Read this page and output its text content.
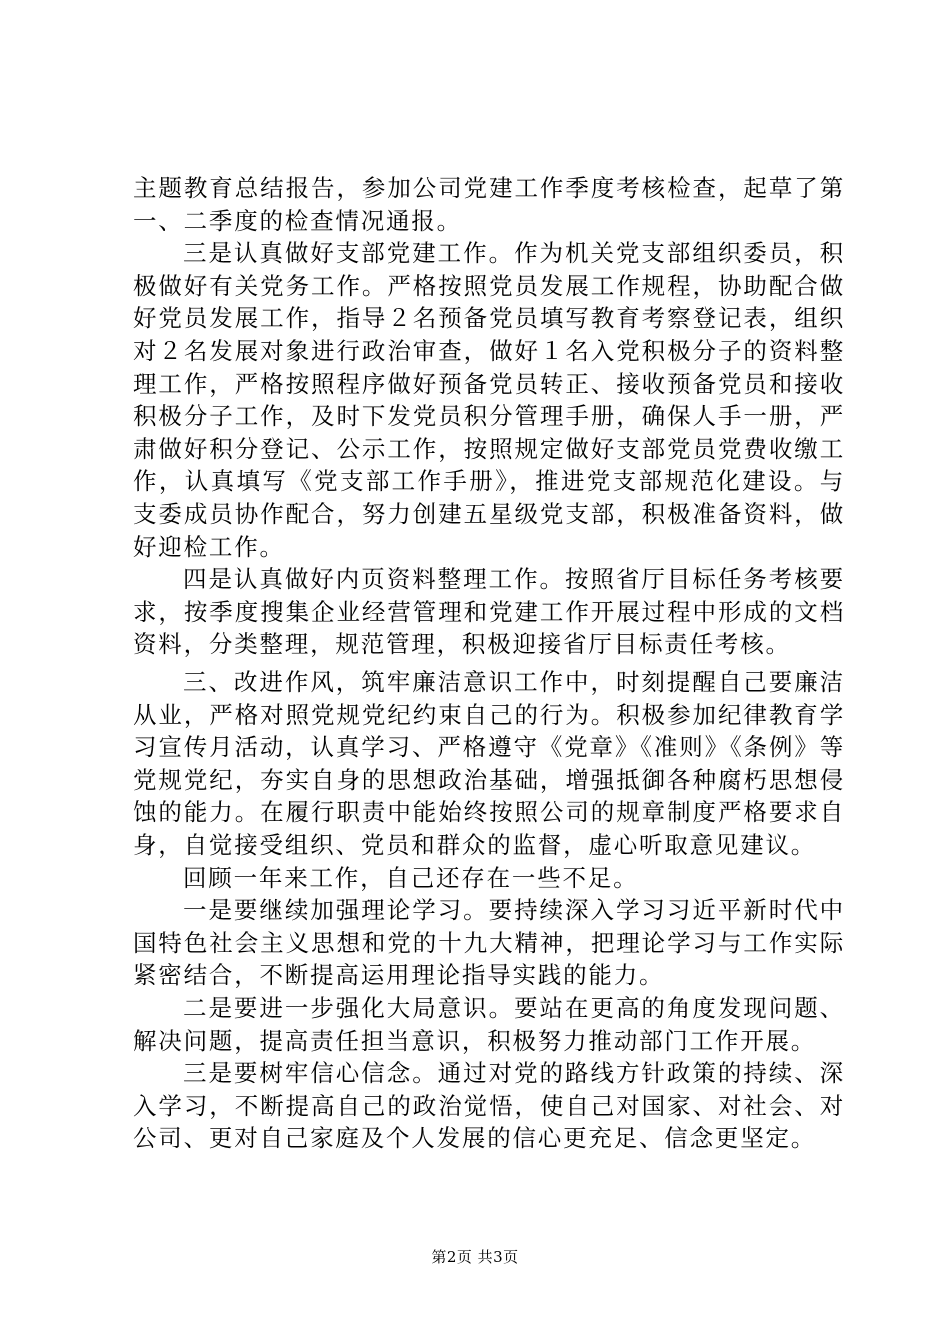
主题教育总结报告，参加公司党建工作季度考核检查，起草了第一、二季度的检查情况通报。

三是认真做好支部党建工作。作为机关党支部组织委员，积极做好有关党务工作。严格按照党员发展工作规程，协助配合做好党员发展工作，指导２名预备党员填写教育考察登记表，组织对２名发展对象进行政治审查，做好１名入党积极分子的资料整理工作，严格按照程序做好预备党员转正、接收预备党员和接收积极分子工作，及时下发党员积分管理手册，确保人手一册，严肃做好积分登记、公示工作，按照规定做好支部党员党费收缴工作，认真填写《党支部工作手册》，推进党支部规范化建设。与支委成员协作配合，努力创建五星级党支部，积极准备资料，做好迎检工作。

四是认真做好内页资料整理工作。按照省厅目标任务考核要求，按季度搜集企业经营管理和党建工作开展过程中形成的文档资料，分类整理，规范管理，积极迎接省厅目标责任考核。

三、改进作风，筑牢廉洁意识工作中，时刻提醒自己要廉洁从业，严格对照党规党纪约束自己的行为。积极参加纪律教育学习宣传月活动，认真学习、严格遵守《党章》《准则》《条例》等党规党纪，夯实自身的思想政治基础，增强抵御各种腐朽思想侵蚀的能力。在履行职责中能始终按照公司的规章制度严格要求自身，自觉接受组织、党员和群众的监督，虚心听取意见建议。

回顾一年来工作，自己还存在一些不足。

一是要继续加强理论学习。要持续深入学习习近平新时代中国特色社会主义思想和党的十九大精神，把理论学习与工作实际紧密结合，不断提高运用理论指导实践的能力。

二是要进一步强化大局意识。要站在更高的角度发现问题、解决问题，提高责任担当意识，积极努力推动部门工作开展。

三是要树牢信心信念。通过对党的路线方针政策的持续、深入学习，不断提高自己的政治觉悟，使自己对国家、对社会、对公司、更对自己家庭及个人发展的信心更充足、信念更坚定。

第2页 共3页
